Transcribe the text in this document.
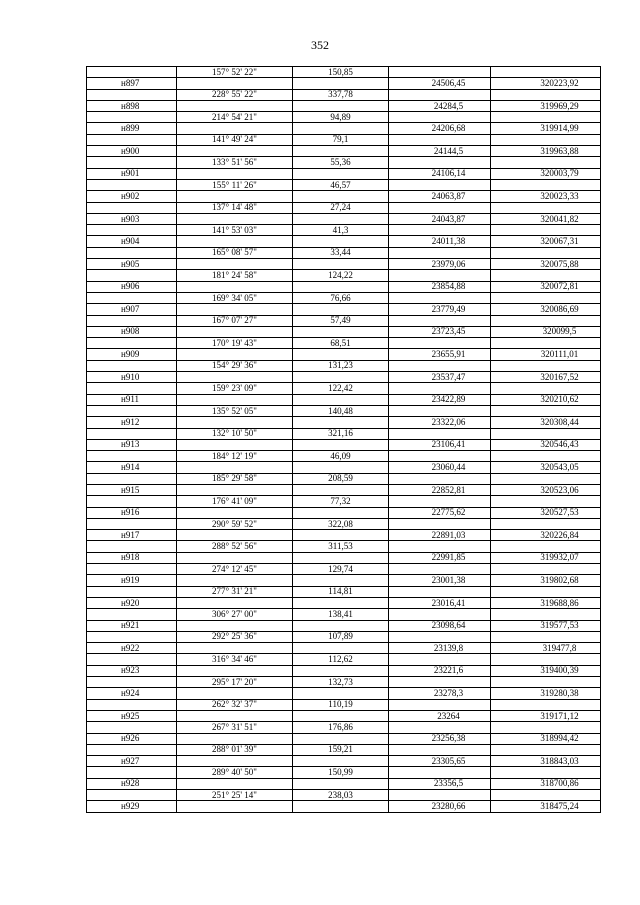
352
	157° 52' 22"	150,85		
н897			24506,45	320223,92
	228° 55' 22"	337,78		
н898			24284,5	319969,29
	214° 54' 21"	94,89		
н899			24206,68	319914,99
	141° 49' 24"	79,1		
н900			24144,5	319963,88
	133° 51' 56"	55,36		
н901			24106,14	320003,79
	155° 11' 26"	46,57		
н902			24063,87	320023,33
	137° 14' 48"	27,24		
н903			24043,87	320041,82
	141° 53' 03"	41,3		
н904			24011,38	320067,31
	165° 08' 57"	33,44		
н905			23979,06	320075,88
	181° 24' 58"	124,22		
н906			23854,88	320072,81
	169° 34' 05"	76,66		
н907			23779,49	320086,69
	167° 07' 27"	57,49		
н908			23723,45	320099,5
	170° 19' 43"	68,51		
н909			23655,91	320111,01
	154° 29' 36"	131,23		
н910			23537,47	320167,52
	159° 23' 09"	122,42		
н911			23422,89	320210,62
	135° 52' 05"	140,48		
н912			23322,06	320308,44
	132° 10' 50"	321,16		
н913			23106,41	320546,43
	184° 12' 19"	46,09		
н914			23060,44	320543,05
	185° 29' 58"	208,59		
н915			22852,81	320523,06
	176° 41' 09"	77,32		
н916			22775,62	320527,53
	290° 59' 52"	322,08		
н917			22891,03	320226,84
	288° 52' 56"	311,53		
н918			22991,85	319932,07
	274° 12' 45"	129,74		
н919			23001,38	319802,68
	277° 31' 21"	114,81		
н920			23016,41	319688,86
	306° 27' 00"	138,41		
н921			23098,64	319577,53
	292° 25' 36"	107,89		
н922			23139,8	319477,8
	316° 34' 46"	112,62		
н923			23221,6	319400,39
	295° 17' 20"	132,73		
н924			23278,3	319280,38
	262° 32' 37"	110,19		
н925			23264	319171,12
	267° 31' 51"	176,86		
н926			23256,38	318994,42
	288° 01' 39"	159,21		
н927			23305,65	318843,03
	289° 40' 50"	150,99		
н928			23356,5	318700,86
	251° 25' 14"	238,03		
н929			23280,66	318475,24
